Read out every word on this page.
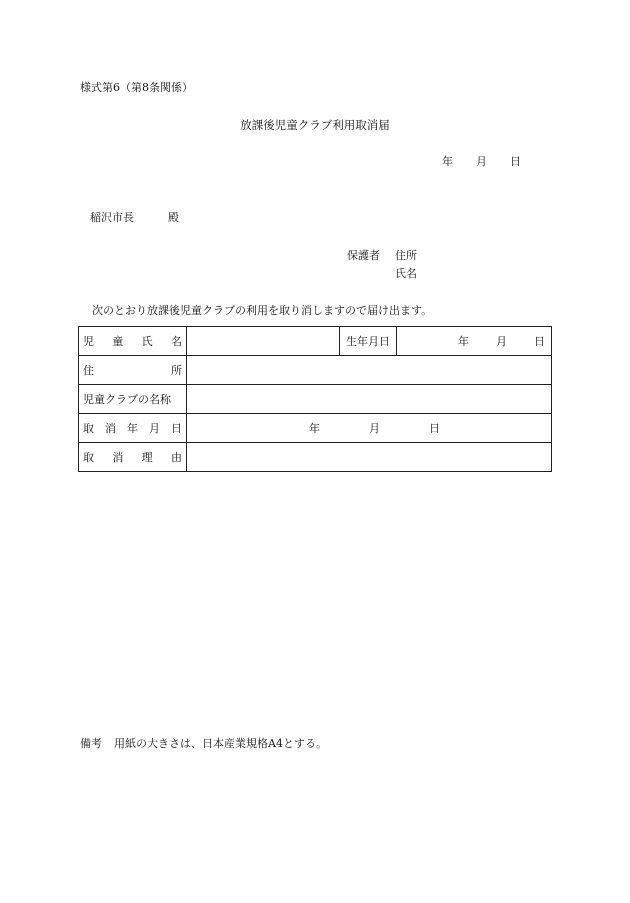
様式第6（第8条関係）
放課後児童クラブ利用取消届
年 月 日
稲沢市長	殿
保護者 住所
氏名
次のとおり放課後児童クラブの利用を取り消しますので届け出ます。
児 童 氏 名		生年月日	年 月 日

住 所			

児童クラブの名称			

取 消 年 月 日	年 月 日		

取 消 理 由			

備考 用紙の大きさは、日本産業規格A4とする。
